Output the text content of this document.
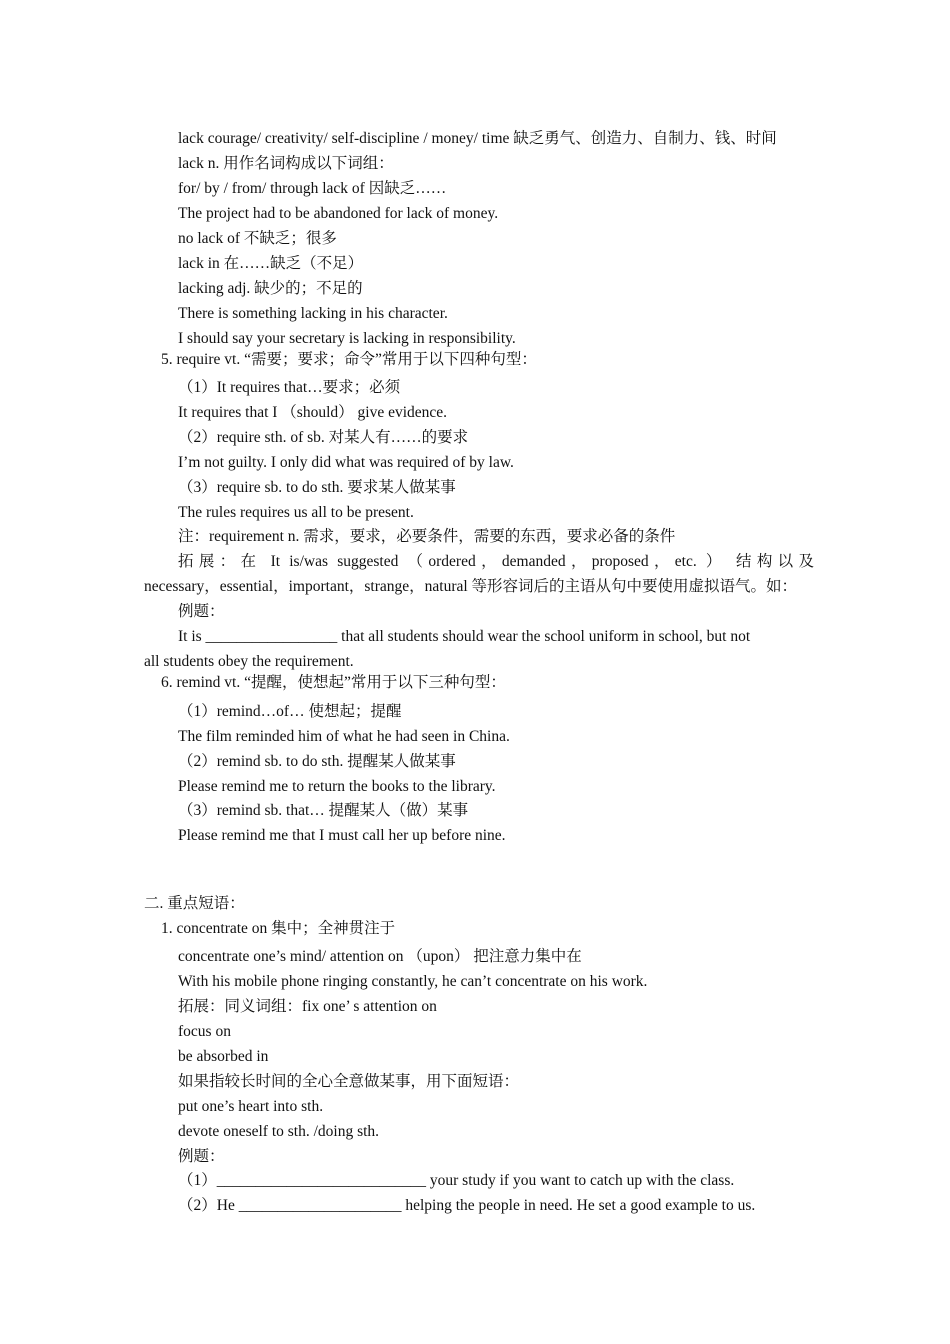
lack courage/ creativity/ self-discipline / money/ time 缺乏勇气、创造力、自制力、钱、时间
lack n. 用作名词构成以下词组：
for/ by / from/ through lack of 因缺乏……
The project had to be abandoned for lack of money.
no lack of 不缺乏；很多
lack in 在……缺乏（不足）
lacking adj. 缺少的；不足的
There is something lacking in his character.
I should say your secretary is lacking in responsibility.
5. require vt. “需要；要求；命令”常用于以下四种句型：
（1）It requires that…要求；必须
It requires that I （should） give evidence.
（2）require sth. of sb. 对某人有……的要求
I’m not guilty. I only did what was required of by law.
（3）require sb. to do sth. 要求某人做某事
The rules requires us all to be present.
注：requirement n. 需求，要求，必要条件，需要的东西，要求必备的条件
拓展：在 It is/was suggested （ordered，demanded，proposed，etc. ） 结构以及
necessary，essential，important，strange，natural 等形容词后的主语从句中要使用虚拟语气。如：
例题：
It is _________________ that all students should wear the school uniform in school, but not
all students obey the requirement.
6. remind vt. “提醒，使想起”常用于以下三种句型：
（1）remind…of… 使想起；提醒
The film reminded him of what he had seen in China.
（2）remind sb. to do sth. 提醒某人做某事
Please remind me to return the books to the library.
（3）remind sb. that… 提醒某人（做）某事
Please remind me that I must call her up before nine.
二. 重点短语：
1. concentrate on 集中；全神贯注于
concentrate one’s mind/ attention on （upon） 把注意力集中在
With his mobile phone ringing constantly, he can’t concentrate on his work.
拓展：同义词组：fix one’ s attention on
focus on
be absorbed in
如果指较长时间的全心全意做某事，用下面短语：
put one’s heart into sth.
devote oneself to sth. /doing sth.
例题：
（1）___________________________ your study if you want to catch up with the class.
（2）He _____________________ helping the people in need. He set a good example to us.
